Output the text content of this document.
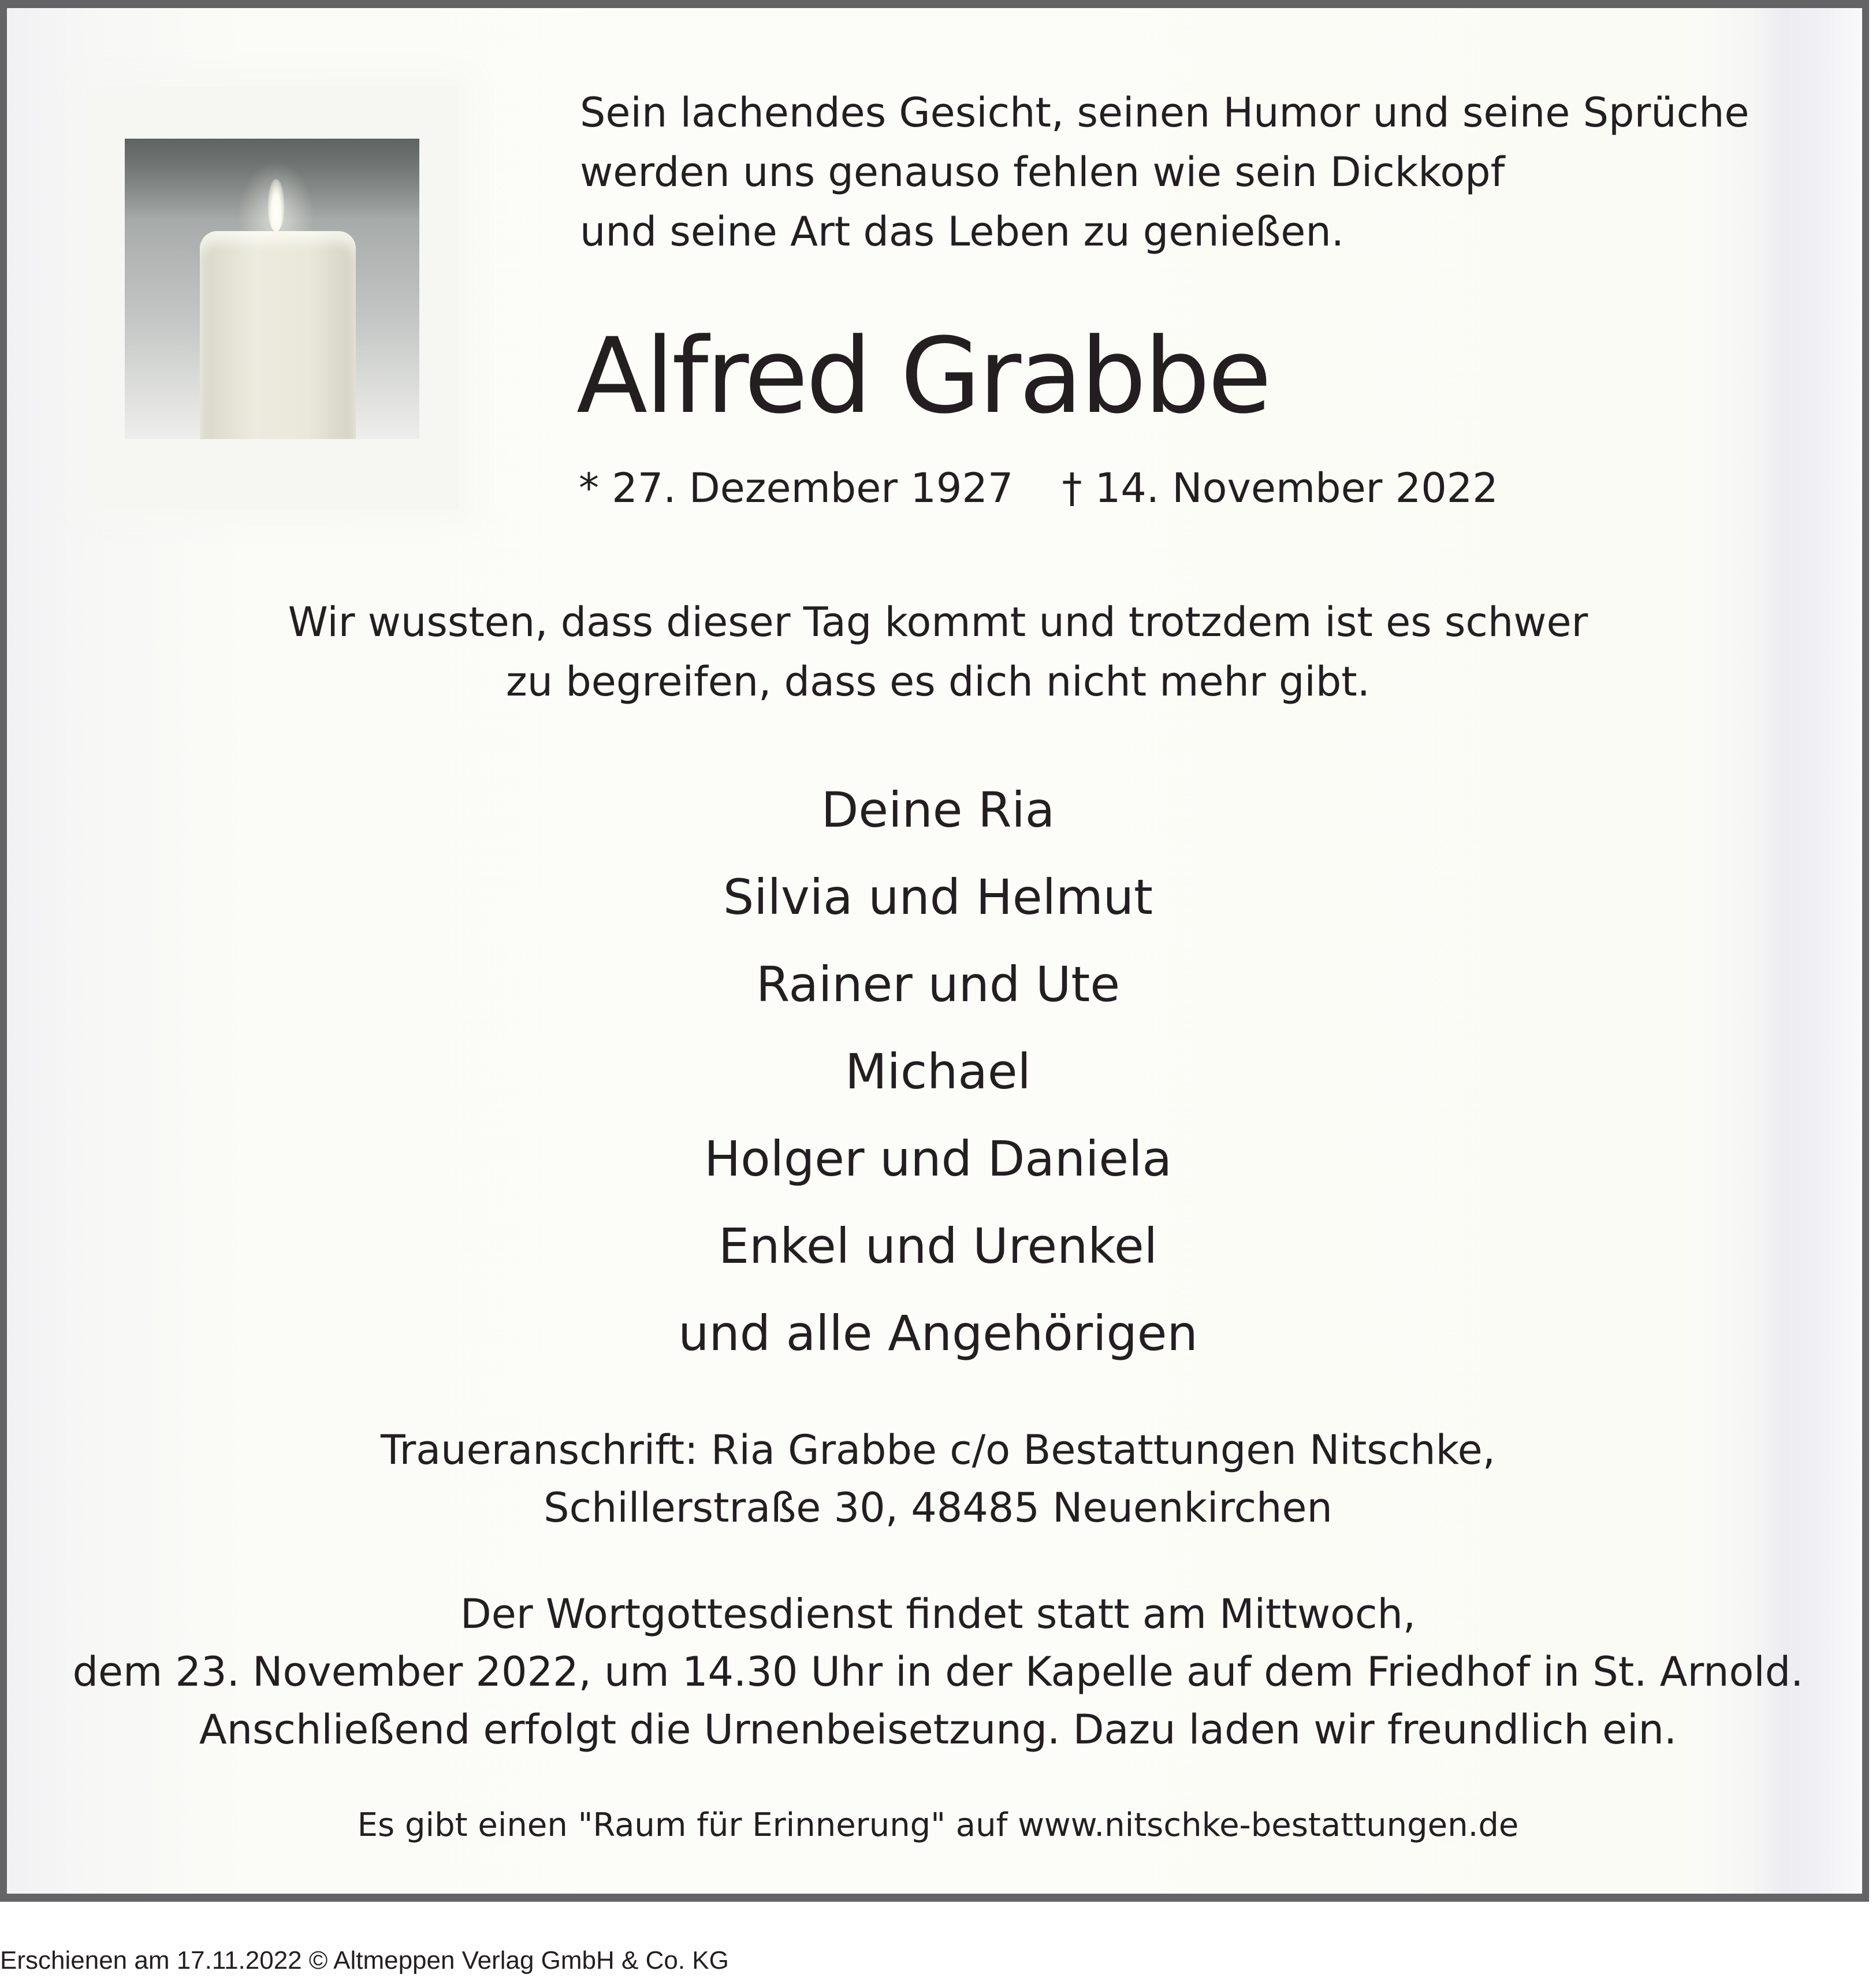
Sein lachendes Gesicht, seinen Humor und seine Sprüche
werden uns genauso fehlen wie sein Dickkopf
und seine Art das Leben zu genießen.
Alfred Grabbe
* 27. Dezember 1927 † 14. November 2022
Wir wussten, dass dieser Tag kommt und trotzdem ist es schwer
zu begreifen, dass es dich nicht mehr gibt.
Deine Ria
Silvia und Helmut
Rainer und Ute
Michael
Holger und Daniela
Enkel und Urenkel
und alle Angehörigen
Traueranschrift: Ria Grabbe c/o Bestattungen Nitschke,
Schillerstraße 30, 48485 Neuenkirchen
Der Wortgottesdienst findet statt am Mittwoch,
dem 23. November 2022, um 14.30 Uhr in der Kapelle auf dem Friedhof in St. Arnold.
Anschließend erfolgt die Urnenbeisetzung. Dazu laden wir freundlich ein.
Es gibt einen "Raum für Erinnerung" auf www.nitschke-bestattungen.de
Erschienen am 17.11.2022 © Altmeppen Verlag GmbH & Co. KG
